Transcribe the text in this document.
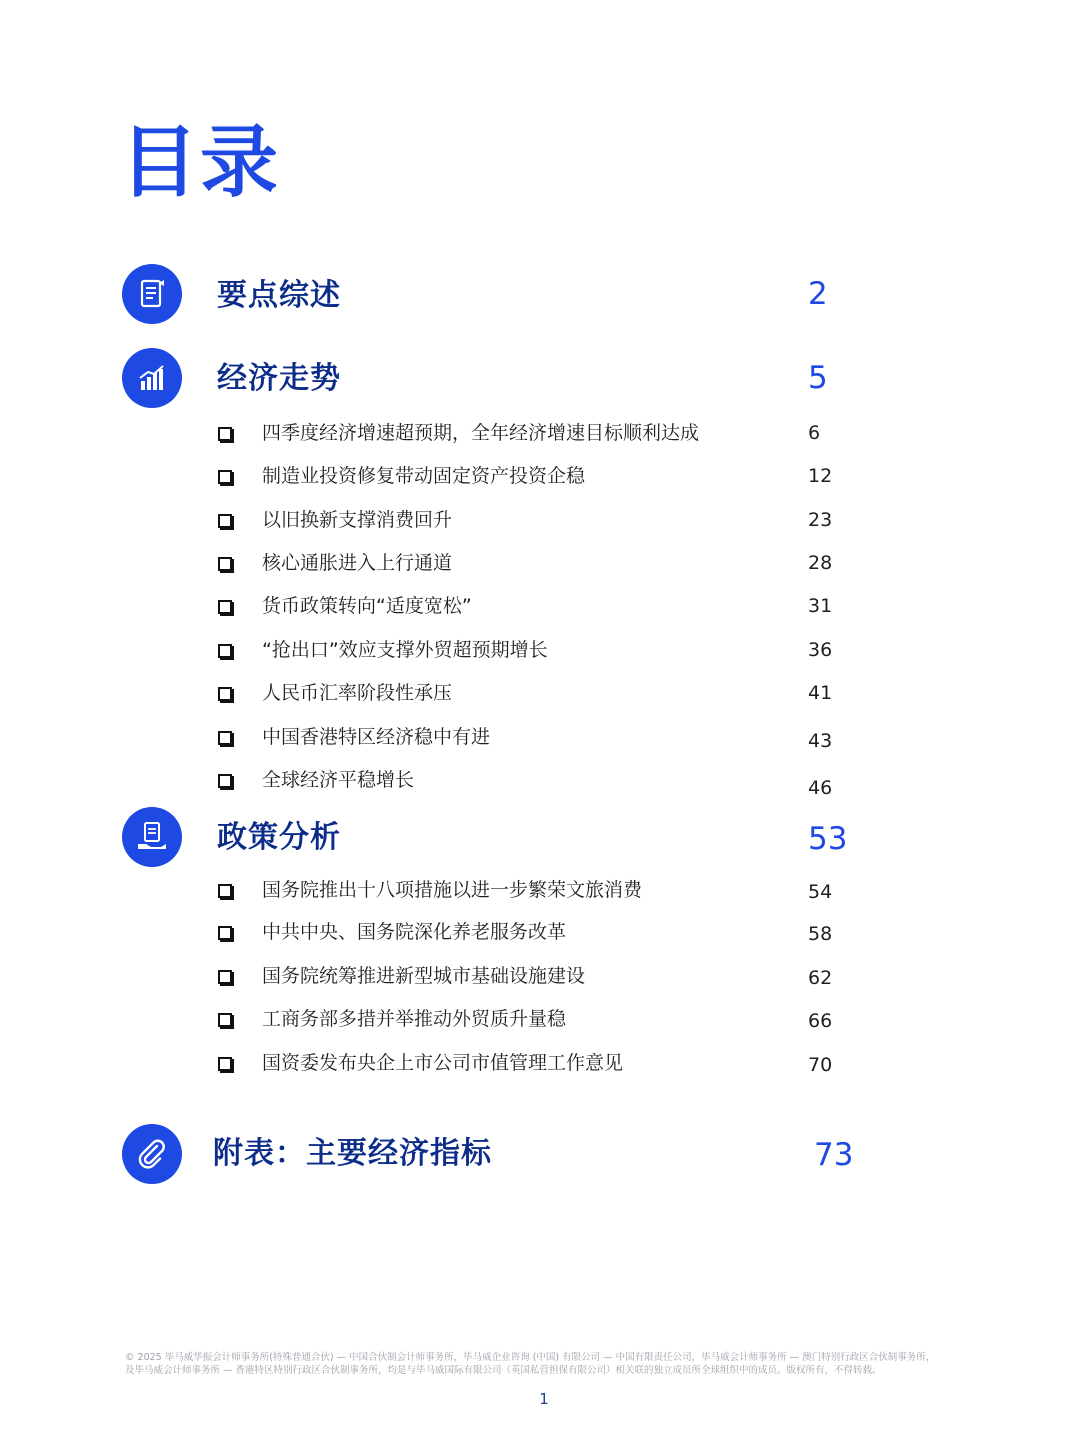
目录
要点综述	2
经济走势	5
四季度经济增速超预期，全年经济增速目标顺利达成	6
制造业投资修复带动固定资产投资企稳	12
以旧换新支撑消费回升	23
核心通胀进入上行通道	28
货币政策转向“适度宽松”	31
“抢出口”效应支撑外贸超预期增长	36
人民币汇率阶段性承压	41
中国香港特区经济稳中有进	43
全球经济平稳增长	46
政策分析	53
国务院推出十八项措施以进一步繁荣文旅消费	54
中共中央、国务院深化养老服务改革	58
国务院统筹推进新型城市基础设施建设	62
工商务部多措并举推动外贸质升量稳	66
国资委发布央企上市公司市值管理工作意见	70
附表：主要经济指标	73
© 2025 毕马威华振会计师事务所(特殊普通合伙) — 中国合伙制会计师事务所，毕马威企业咨询 (中国) 有限公司 — 中国有限责任公司，毕马威会计师事务所 — 澳门特别行政区合伙制事务所，
及毕马威会计师事务所 — 香港特区特别行政区合伙制事务所，均是与毕马威国际有限公司（英国私营担保有限公司）相关联的独立成员所全球组织中的成员。版权所有，不得转载。
1
